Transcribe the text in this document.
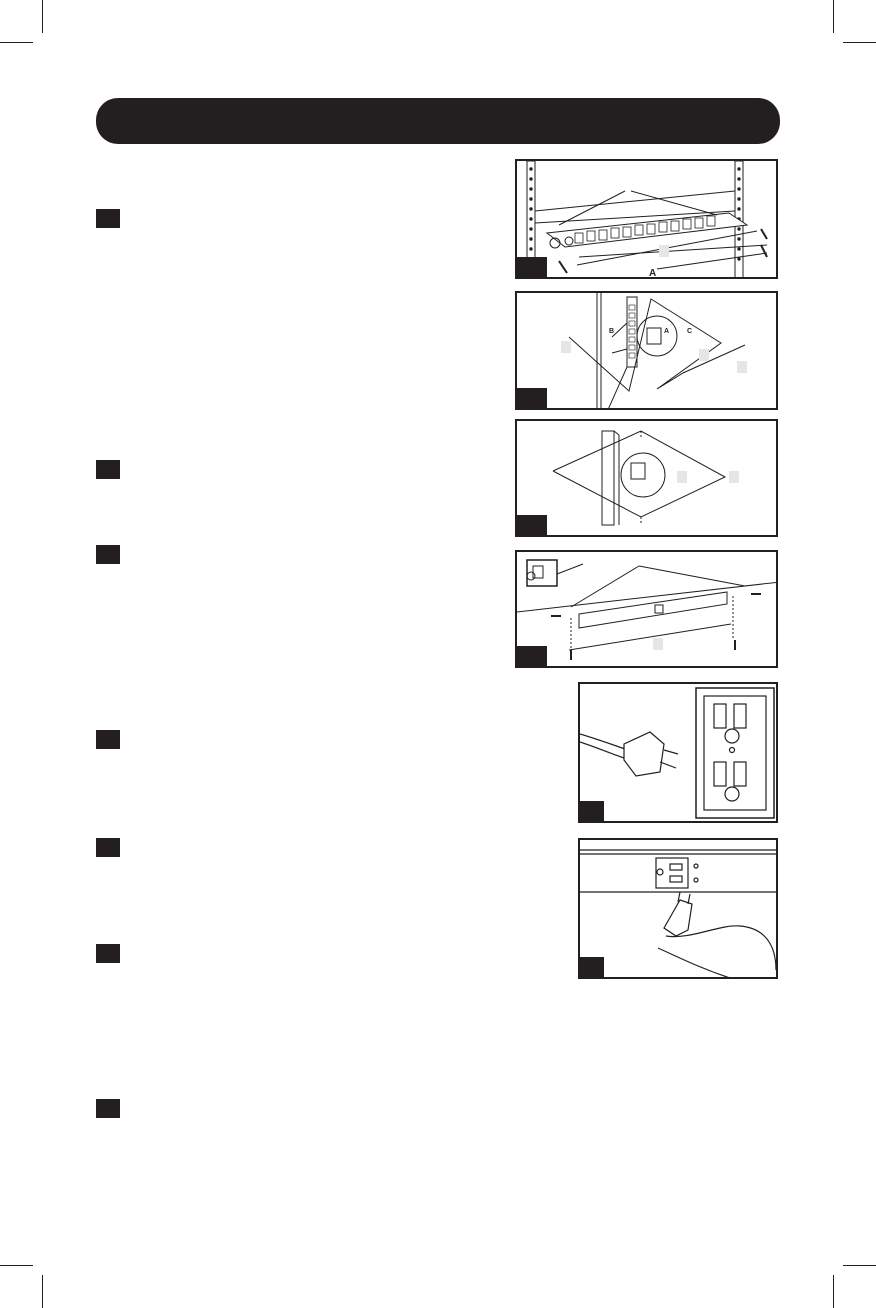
A
B	A	C
